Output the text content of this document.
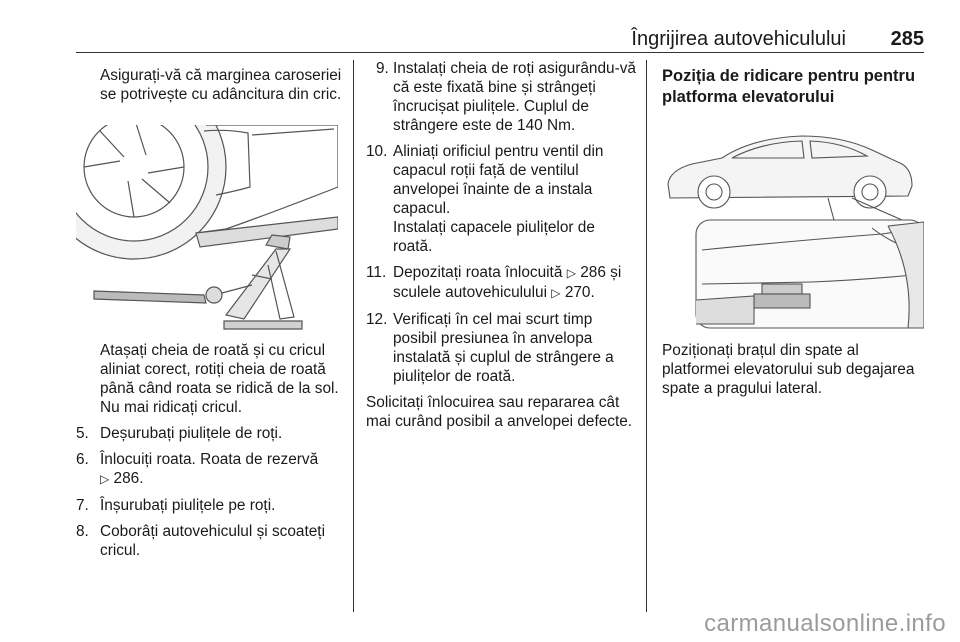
Îngrijirea autovehiculului 285

Asigurați-vă că marginea caroseriei se potrivește cu adâncitura din cric.

Atașați cheia de roată și cu cricul aliniat corect, rotiți cheia de roată până când roata se ridică de la sol. Nu mai ridicați cricul.

5. Deșurubați piulițele de roți.
6. Înlocuiți roata. Roata de rezervă
▷ 286.
7. Înșurubați piulițele pe roți.
8. Coborâți autovehiculul și scoateți cricul.
9. Instalați cheia de roți asigurându-vă că este fixată bine și strângeți încrucișat piulițele. Cuplul de strângere este de 140 Nm.
10. Aliniați orificiul pentru ventil din capacul roții față de ventilul anvelopei înainte de a instala capacul.

Instalați capacele piulițelor de roată.

11. Depozitați roata înlocuită ▷ 286 și sculele autovehiculului ▷ 270.
12. Verificați în cel mai scurt timp posibil presiunea în anvelopa instalată și cuplul de strângere a piulițelor de roată.

Solicitați înlocuirea sau repararea cât mai curând posibil a anvelopei defecte.

Poziția de ridicare pentru pentru platforma elevatorului

Poziționați brațul din spate al platformei elevatorului sub degajarea spate a pragului lateral.

carmanualsonline.info
